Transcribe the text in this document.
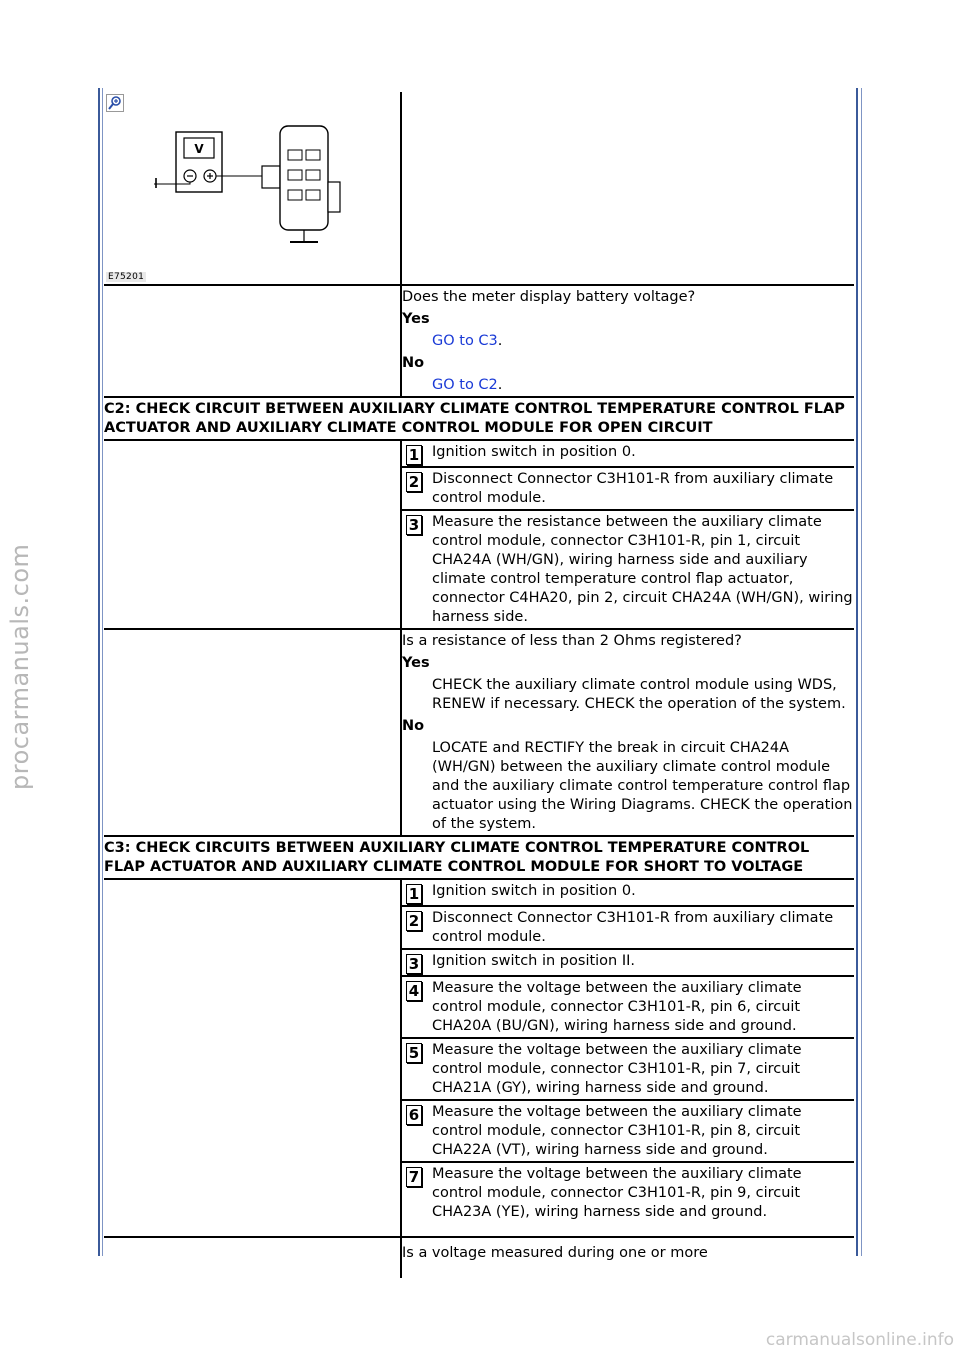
procarmanuals.com
carmanualsonline.info
V
E75201
Does the meter display battery voltage?
Yes
GO to C3.
No
GO to C2.
C2: CHECK CIRCUIT BETWEEN AUXILIARY CLIMATE CONTROL TEMPERATURE CONTROL FLAP ACTUATOR AND AUXILIARY CLIMATE CONTROL MODULE FOR OPEN CIRCUIT
1 Ignition switch in position 0.
2 Disconnect Connector C3H101-R from auxiliary climate control module.
3 Measure the resistance between the auxiliary climate control module, connector C3H101-R, pin 1, circuit CHA24A (WH/GN), wiring harness side and auxiliary climate control temperature control flap actuator, connector C4HA20, pin 2, circuit CHA24A (WH/GN), wiring harness side.
Is a resistance of less than 2 Ohms registered?
Yes
CHECK the auxiliary climate control module using WDS, RENEW if necessary. CHECK the operation of the system.
No
LOCATE and RECTIFY the break in circuit CHA24A (WH/GN) between the auxiliary climate control module and the auxiliary climate control temperature control flap actuator using the Wiring Diagrams. CHECK the operation of the system.
C3: CHECK CIRCUITS BETWEEN AUXILIARY CLIMATE CONTROL TEMPERATURE CONTROL FLAP ACTUATOR AND AUXILIARY CLIMATE CONTROL MODULE FOR SHORT TO VOLTAGE
1 Ignition switch in position 0.
2 Disconnect Connector C3H101-R from auxiliary climate control module.
3 Ignition switch in position II.
4 Measure the voltage between the auxiliary climate control module, connector C3H101-R, pin 6, circuit CHA20A (BU/GN), wiring harness side and ground.
5 Measure the voltage between the auxiliary climate control module, connector C3H101-R, pin 7, circuit CHA21A (GY), wiring harness side and ground.
6 Measure the voltage between the auxiliary climate control module, connector C3H101-R, pin 8, circuit CHA22A (VT), wiring harness side and ground.
7 Measure the voltage between the auxiliary climate control module, connector C3H101-R, pin 9, circuit CHA23A (YE), wiring harness side and ground.
Is a voltage measured during one or more
